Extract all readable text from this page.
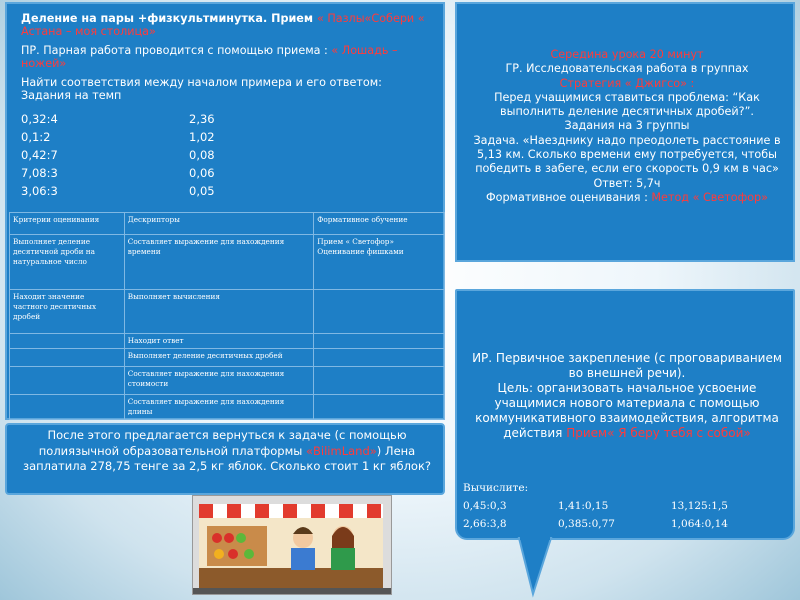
Деление на пары +физкультминутка. Прием « Пазлы«Собери « Астана – моя столица»

ПР. Парная работа проводится с помощью приема : « Лошадь – ножей»

Найти соответствия между началом примера и его ответом:
Задания на темп

0,32:4	2,36
0,1:2	1,02
0,42:7	0,08
7,08:3	0,06
3,06:3	0,05
Критерии оценивания	Дескрипторы	Формативное обучение
Выполняет деление десятичной дроби на натуральное число	Составляет выражение для нахождения времени	Прием « Светофор» Оценивание фишками
Находит значение частного десятичных дробей	Выполняет вычисления	
	Находит ответ	
	Выполняет деление десятичных дробей	
	Составляет выражение для нахождения стоимости	
	Составляет выражение для нахождения длины	
Середина урока 20 минут
ГР. Исследовательская работа в группах
Стратегия « Джигсо» :
Перед учащимися ставиться проблема: “Как выполнить деление десятичных дробей?”.
Задания на 3 группы
Задача. «Наезднику надо преодолеть расстояние в 5,13 км. Сколько времени ему потребуется, чтобы победить в забеге, если его скорость 0,9 км в час»
Ответ: 5,7ч
Формативное оценивания : Метод « Светофор»
ИР. Первичное закрепление (с проговариванием во внешней речи).
Цель: организовать начальное усвоение учащимися нового материала с помощью коммуникативного взаимодействия, алгоритма действия Прием« Я беру тебя с собой»
Вычислите:
0,45:0,3	1,41:0,15	13,125:1,5
2,66:3,8	0,385:0,77	1,064:0,14
После этого предлагается вернуться к задаче (с помощью полиязычной образовательной платформы «BilimLand») Лена заплатила 278,75 тенге за 2,5 кг яблок. Сколько стоит 1 кг яблок?
